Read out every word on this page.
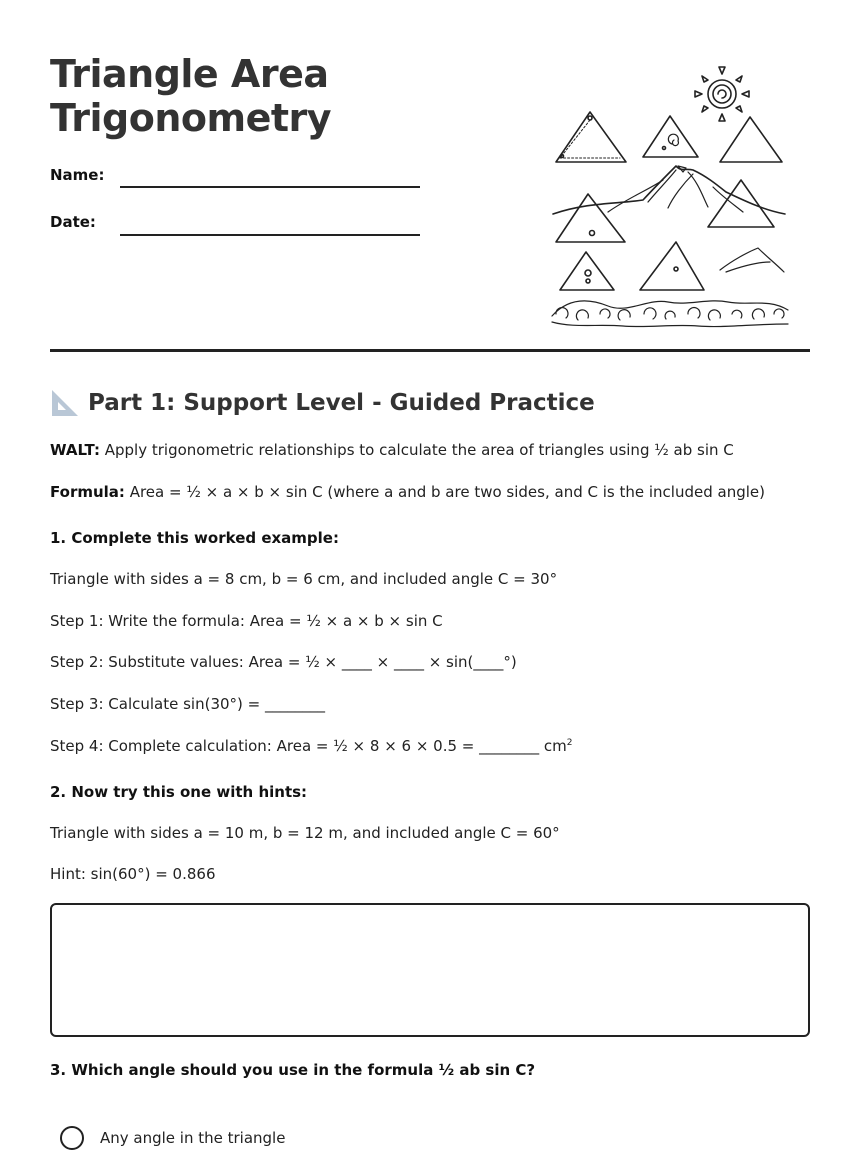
Triangle Area
Trigonometry
Name:
Date:
Part 1: Support Level - Guided Practice
WALT: Apply trigonometric relationships to calculate the area of triangles using ½ ab sin C
Formula: Area = ½ × a × b × sin C (where a and b are two sides, and C is the included angle)
1. Complete this worked example:
Triangle with sides a = 8 cm, b = 6 cm, and included angle C = 30°
Step 1: Write the formula: Area = ½ × a × b × sin C
Step 2: Substitute values: Area = ½ × ____ × ____ × sin(____°)
Step 3: Calculate sin(30°) = ________
Step 4: Complete calculation: Area = ½ × 8 × 6 × 0.5 = ________ $cm^2$
2. Now try this one with hints:
Triangle with sides a = 10 m, b = 12 m, and included angle C = 60°
Hint: sin(60°) = 0.866
3. Which angle should you use in the formula ½ ab sin C?
Any angle in the triangle
